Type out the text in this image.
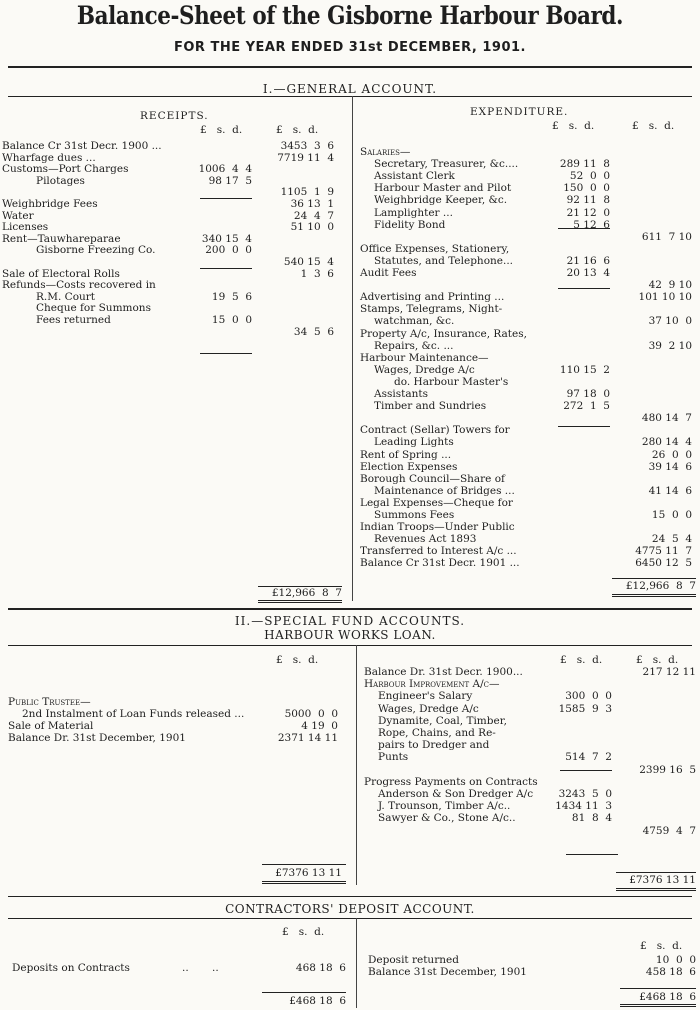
Balance-Sheet of the Gisborne Harbour Board.
FOR THE YEAR ENDED 31st DECEMBER, 1901.
I.—GENERAL ACCOUNT.
RECEIPTS.
£   s.  d.	£   s.  d.
Balance Cr 31st Decr. 1900 ...	3453  3  6
Wharfage dues ...	7719 11  4
Customs—Port Charges	1006  4  4
Pilotages	98 17  5
1105  1  9
Weighbridge Fees	36 13  1
Water	24  4  7
Licenses	51 10  0
Rent—Tauwhareparae	340 15  4
Gisborne Freezing Co.	200  0  0
540 15  4
Sale of Electoral Rolls	1  3  6
Refunds—Costs recovered in
R.M. Court	19  5  6
Cheque for Summons
Fees returned	15  0  0
34  5  6
£12,966  8  7
EXPENDITURE.
£   s.  d.	£   s.  d.
Salaries—
Secretary, Treasurer, &c....	289 11  8
Assistant Clerk	52  0  0
Harbour Master and Pilot	150  0  0
Weighbridge Keeper, &c.	92 11  8
Lamplighter ...	21 12  0
Fidelity Bond	5 12  6
611  7 10
Office Expenses, Stationery,
Statutes, and Telephone...	21 16  6
Audit Fees	20 13  4
42  9 10
Advertising and Printing ...	101 10 10
Stamps, Telegrams, Night-
watchman, &c.	37 10  0
Property A/c, Insurance, Rates,
Repairs, &c. ...	39  2 10
Harbour Maintenance—
Wages, Dredge A/c	110 15  2
do. Harbour Master's
Assistants	97 18  0
Timber and Sundries	272  1  5
480 14  7
Contract (Sellar) Towers for
Leading Lights	280 14  4
Rent of Spring ...	26  0  0
Election Expenses	39 14  6
Borough Council—Share of
Maintenance of Bridges ...	41 14  6
Legal Expenses—Cheque for
Summons Fees	15  0  0
Indian Troops—Under Public
Revenues Act 1893	24  5  4
Transferred to Interest A/c ...	4775 11  7
Balance Cr 31st Decr. 1901 ...	6450 12  5
£12,966  8  7
II.—SPECIAL FUND ACCOUNTS.
HARBOUR WORKS LOAN.
£   s.  d.
Public Trustee—
2nd Instalment of Loan Funds released ...	5000  0  0
Sale of Material	4 19  0
Balance Dr. 31st December, 1901	2371 14 11
£7376 13 11
£   s.  d.	£   s.  d.
Balance Dr. 31st Decr. 1900...	217 12 11
Harbour Improvement A/c—
Engineer's Salary	300  0  0
Wages, Dredge A/c	1585  9  3
Dynamite, Coal, Timber,
Rope, Chains, and Re-
pairs to Dredger and
Punts	514  7  2
2399 16  5
Progress Payments on Contracts
Anderson & Son Dredger A/c	3243  5  0
J. Trounson, Timber A/c..	1434 11  3
Sawyer & Co., Stone A/c..	81  8  4
4759  4  7
£7376 13 11
CONTRACTORS' DEPOSIT ACCOUNT.
£   s.  d.
Deposits on Contracts	..       ..	468 18  6
£468 18  6
£   s.  d.
Deposit returned	10  0  0
Balance 31st December, 1901	458 18  6
£468 18  6
